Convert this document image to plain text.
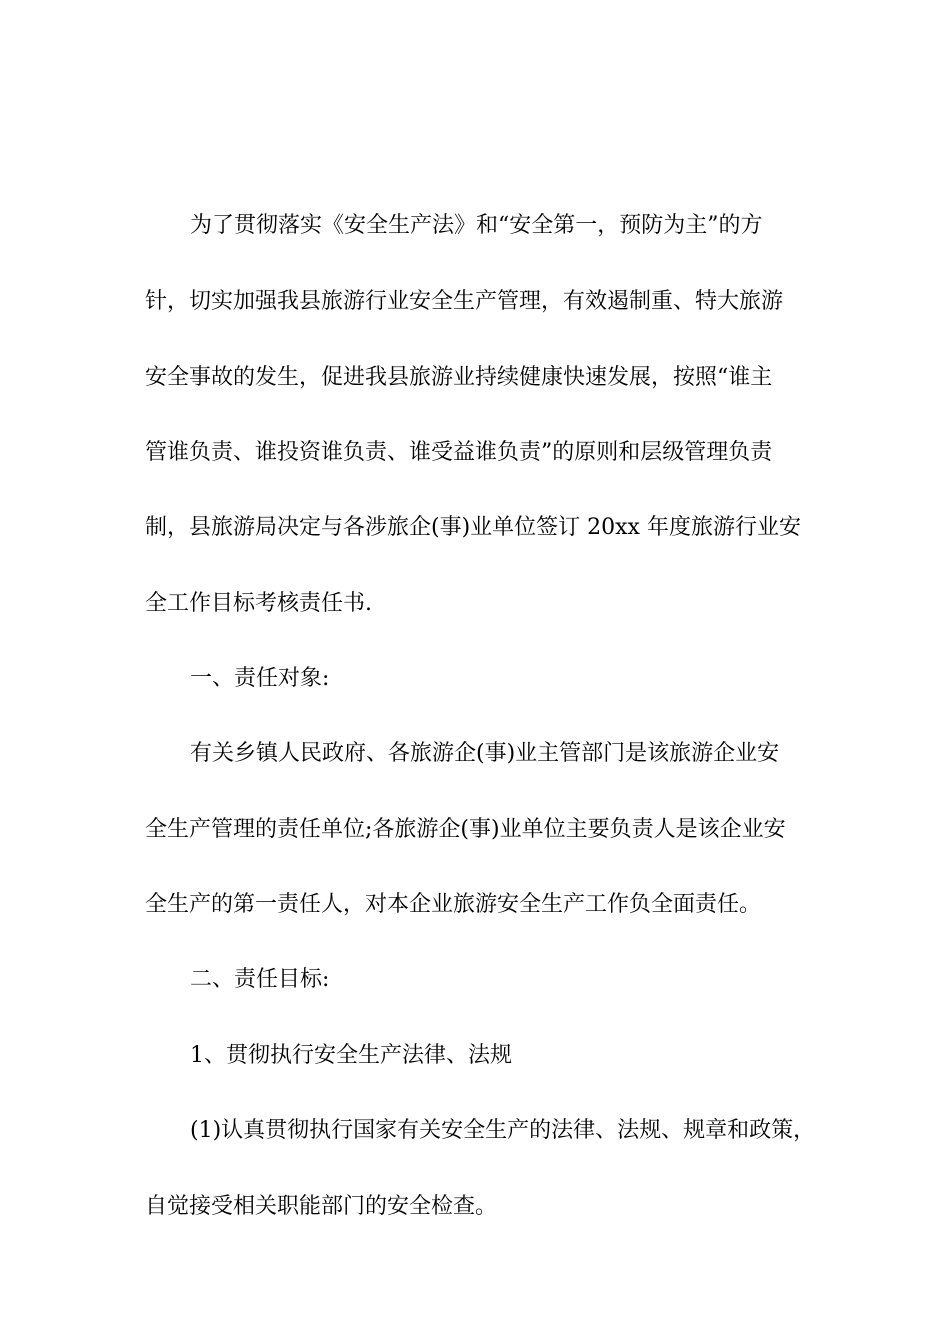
为了贯彻落实《安全生产法》和“安全第一，预防为主”的方
针，切实加强我县旅游行业安全生产管理，有效遏制重、特大旅游
安全事故的发生，促进我县旅游业持续健康快速发展，按照“谁主
管谁负责、谁投资谁负责、谁受益谁负责”的原则和层级管理负责
制，县旅游局决定与各涉旅企(事)业单位签订 20xx 年度旅游行业安
全工作目标考核责任书.
一、责任对象:
有关乡镇人民政府、各旅游企(事)业主管部门是该旅游企业安
全生产管理的责任单位;各旅游企(事)业单位主要负责人是该企业安
全生产的第一责任人，对本企业旅游安全生产工作负全面责任。
二、责任目标:
1、贯彻执行安全生产法律、法规
(1)认真贯彻执行国家有关安全生产的法律、法规、规章和政策，
自觉接受相关职能部门的安全检查。
